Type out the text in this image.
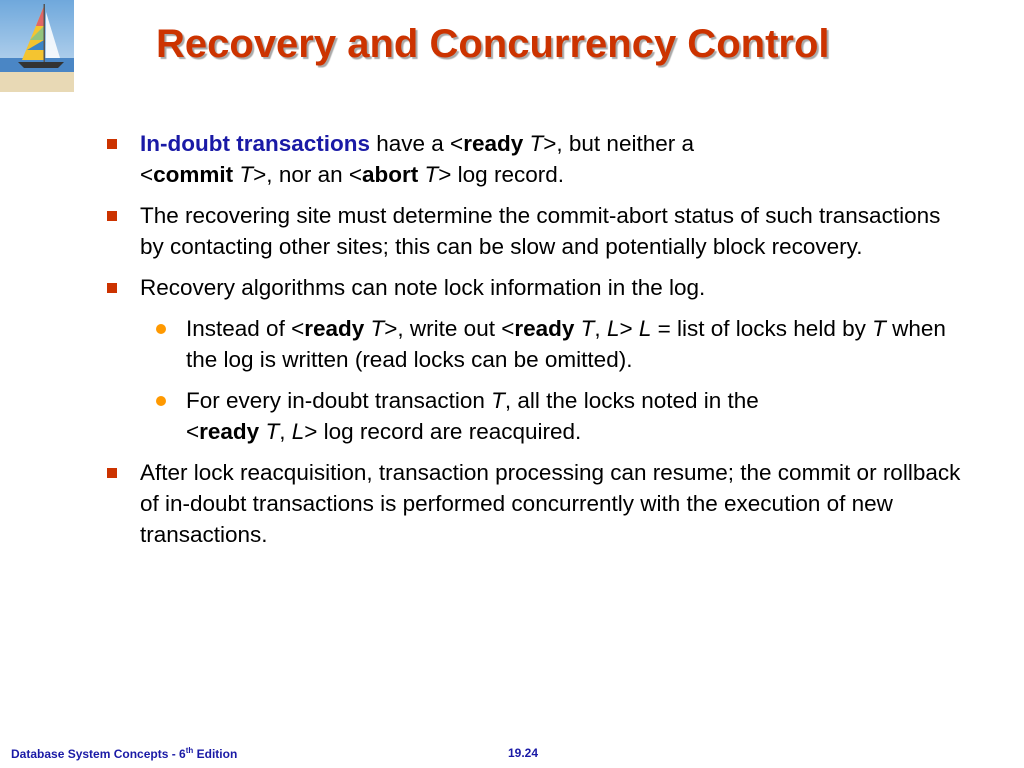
Recovery and Concurrency Control
In-doubt transactions have a <ready T>, but neither a
<commit T>, nor an <abort T> log record.
The recovering site must determine the commit-abort status of such transactions by contacting other sites; this can be slow and potentially block recovery.
Recovery algorithms can note lock information in the log.
Instead of <ready T>, write out <ready T, L> L = list of locks held by T when the log is written (read locks can be omitted).
For every in-doubt transaction T, all the locks noted in the
<ready T, L> log record are reacquired.
After lock reacquisition, transaction processing can resume; the commit or rollback of in-doubt transactions is performed concurrently with the execution of new transactions.
Database System Concepts - 6th Edition	19.24
